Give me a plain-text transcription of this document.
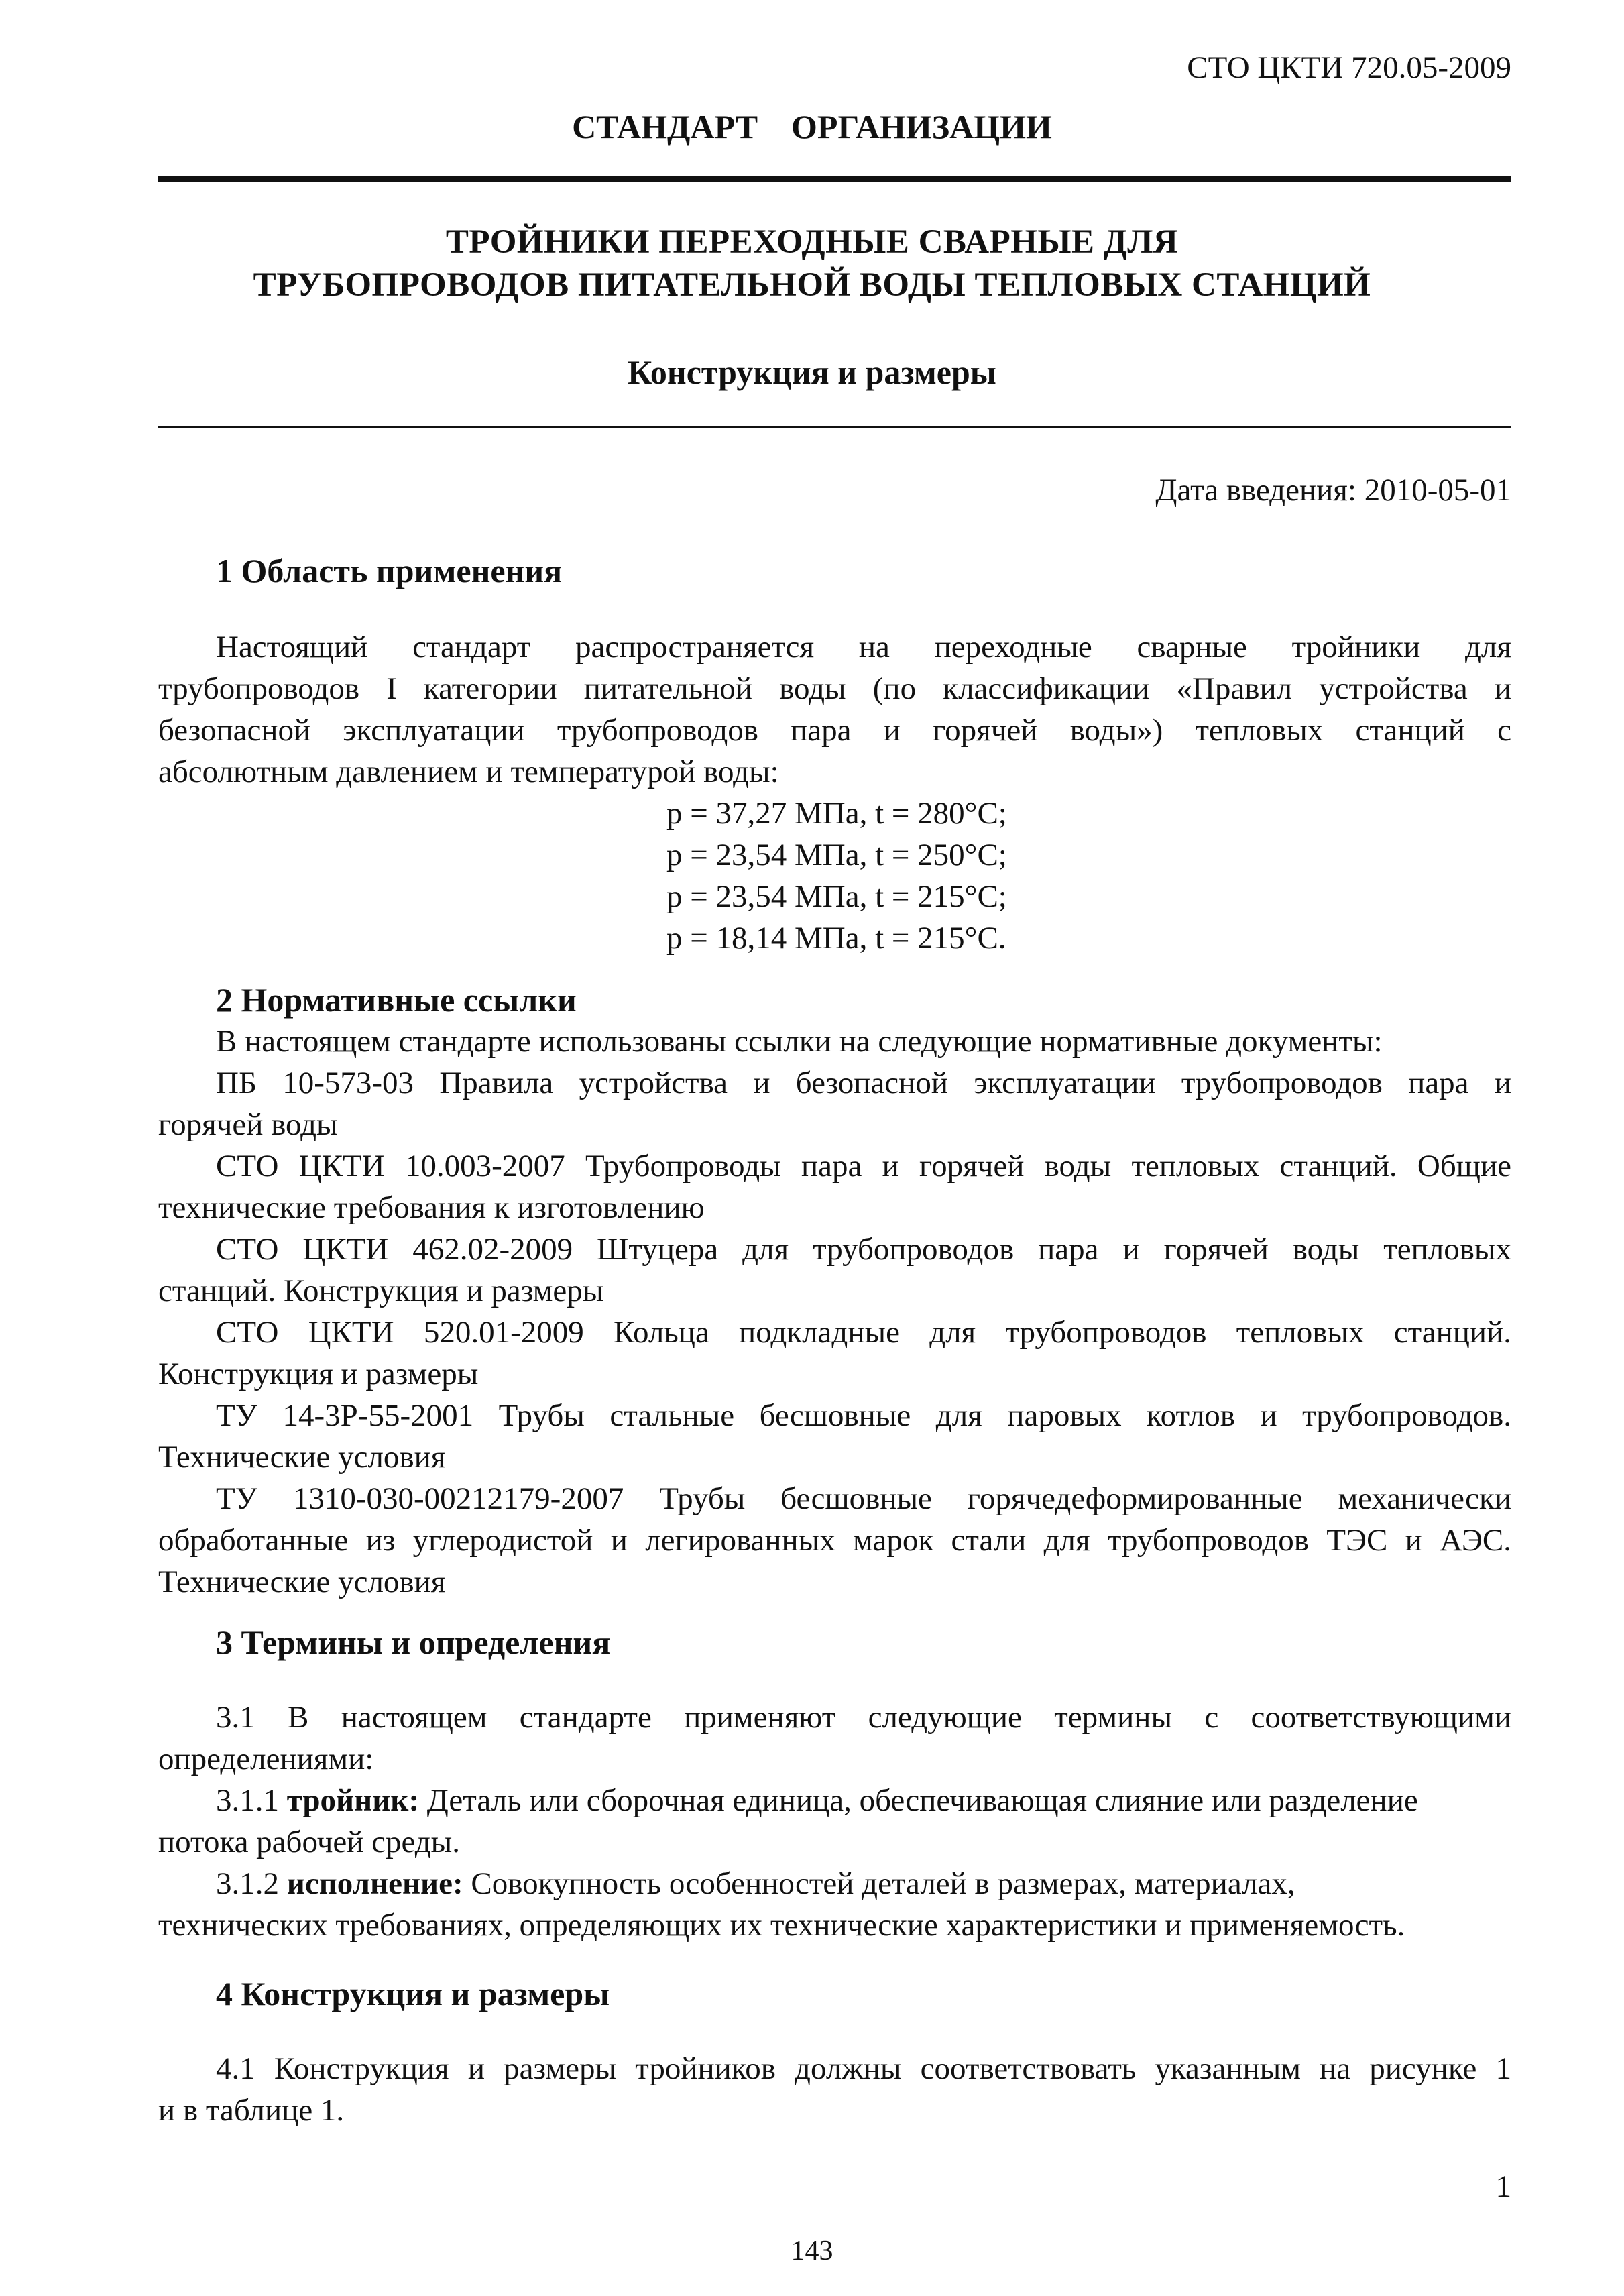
СТО ЦКТИ 720.05-2009

СТАНДАРТ    ОРГАНИЗАЦИИ

ТРОЙНИКИ ПЕРЕХОДНЫЕ СВАРНЫЕ ДЛЯ

ТРУБОПРОВОДОВ ПИТАТЕЛЬНОЙ ВОДЫ ТЕПЛОВЫХ СТАНЦИЙ

Конструкция и размеры

Дата введения: 2010-05-01

1 Область применения

Настоящий стандарт распространяется на переходные сварные тройники для

трубопроводов I категории питательной воды (по классификации «Правил устройства и

безопасной эксплуатации трубопроводов пара и горячей воды») тепловых станций с

абсолютным давлением и температурой воды:

p = 37,27 МПа, t = 280°C;

p = 23,54 МПа, t = 250°C;

p = 23,54 МПа, t = 215°C;

p = 18,14 МПа, t = 215°C.

2 Нормативные ссылки

В настоящем стандарте использованы ссылки на следующие нормативные документы:

ПБ 10-573-03 Правила устройства и безопасной эксплуатации трубопроводов пара и

горячей воды

СТО ЦКТИ 10.003-2007 Трубопроводы пара и горячей воды тепловых станций. Общие

технические требования к изготовлению

СТО ЦКТИ 462.02-2009 Штуцера для трубопроводов пара и горячей воды тепловых

станций. Конструкция и размеры

СТО ЦКТИ 520.01-2009 Кольца подкладные для трубопроводов тепловых станций.

Конструкция и размеры

ТУ 14-3Р-55-2001 Трубы стальные бесшовные для паровых котлов и трубопроводов.

Технические условия

ТУ 1310-030-00212179-2007 Трубы бесшовные горячедеформированные механически

обработанные из углеродистой и легированных марок стали для трубопроводов ТЭС и АЭС.

Технические условия

3 Термины и определения

3.1 В настоящем стандарте применяют следующие термины с соответствующими

определениями:

3.1.1 тройник: Деталь или сборочная единица, обеспечивающая слияние или разделение

потока рабочей среды.

3.1.2 исполнение: Совокупность особенностей деталей в размерах, материалах,

технических требованиях, определяющих их технические характеристики и применяемость.

4 Конструкция и размеры

4.1 Конструкция и размеры тройников должны соответствовать указанным на рисунке 1

и в таблице 1.

1

143
